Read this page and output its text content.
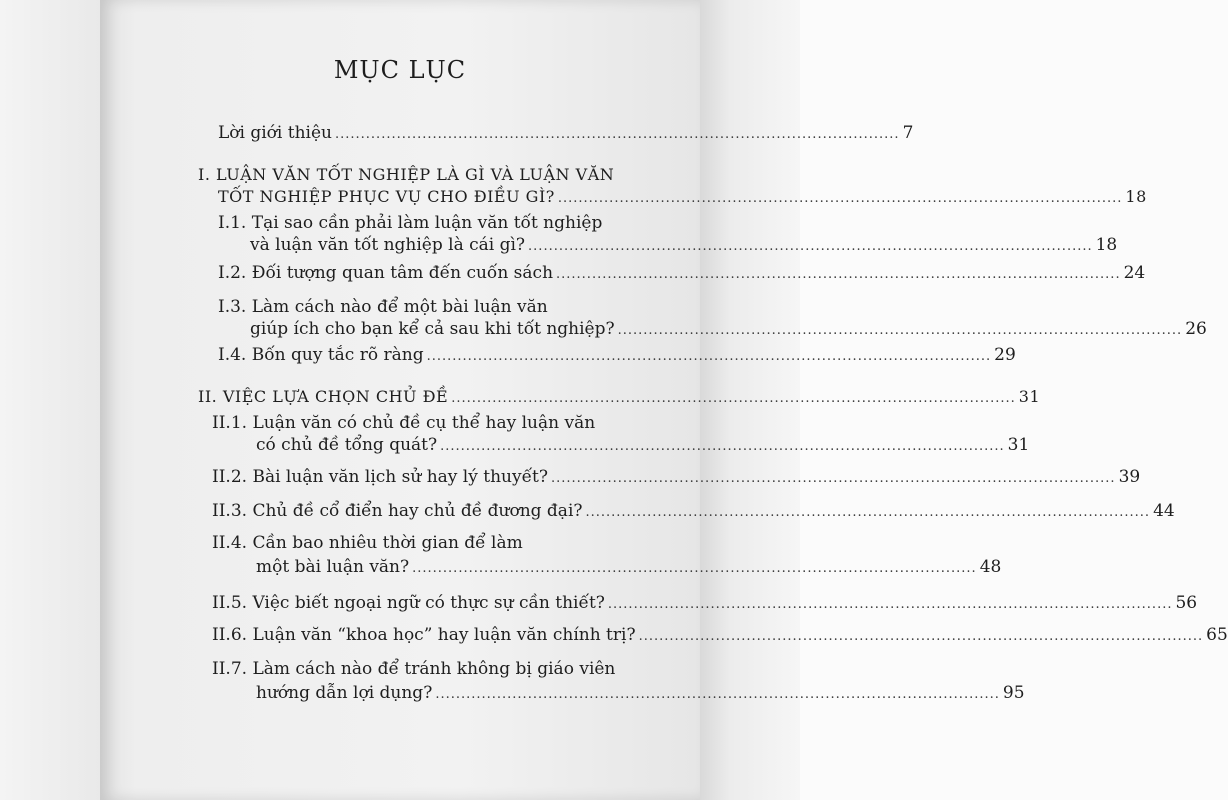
MỤC LỤC
Lời giới thiệu .............................................................................................................. 7
I. LUẬN VĂN TỐT NGHIỆP LÀ GÌ VÀ LUẬN VĂN
TỐT NGHIỆP PHỤC VỤ CHO ĐIỀU GÌ? .............................................................................................................. 18
I.1. Tại sao cần phải làm luận văn tốt nghiệp
và luận văn tốt nghiệp là cái gì? .............................................................................................................. 18
I.2. Đối tượng quan tâm đến cuốn sách .............................................................................................................. 24
I.3. Làm cách nào để một bài luận văn
giúp ích cho bạn kể cả sau khi tốt nghiệp? .............................................................................................................. 26
I.4. Bốn quy tắc rõ ràng .............................................................................................................. 29
II. VIỆC LỰA CHỌN CHỦ ĐỀ .............................................................................................................. 31
II.1. Luận văn có chủ đề cụ thể hay luận văn
có chủ đề tổng quát? .............................................................................................................. 31
II.2. Bài luận văn lịch sử hay lý thuyết? .............................................................................................................. 39
II.3. Chủ đề cổ điển hay chủ đề đương đại? .............................................................................................................. 44
II.4. Cần bao nhiêu thời gian để làm
một bài luận văn? .............................................................................................................. 48
II.5. Việc biết ngoại ngữ có thực sự cần thiết? .............................................................................................................. 56
II.6. Luận văn “khoa học” hay luận văn chính trị? .............................................................................................................. 65
II.7. Làm cách nào để tránh không bị giáo viên
hướng dẫn lợi dụng? .............................................................................................................. 95
